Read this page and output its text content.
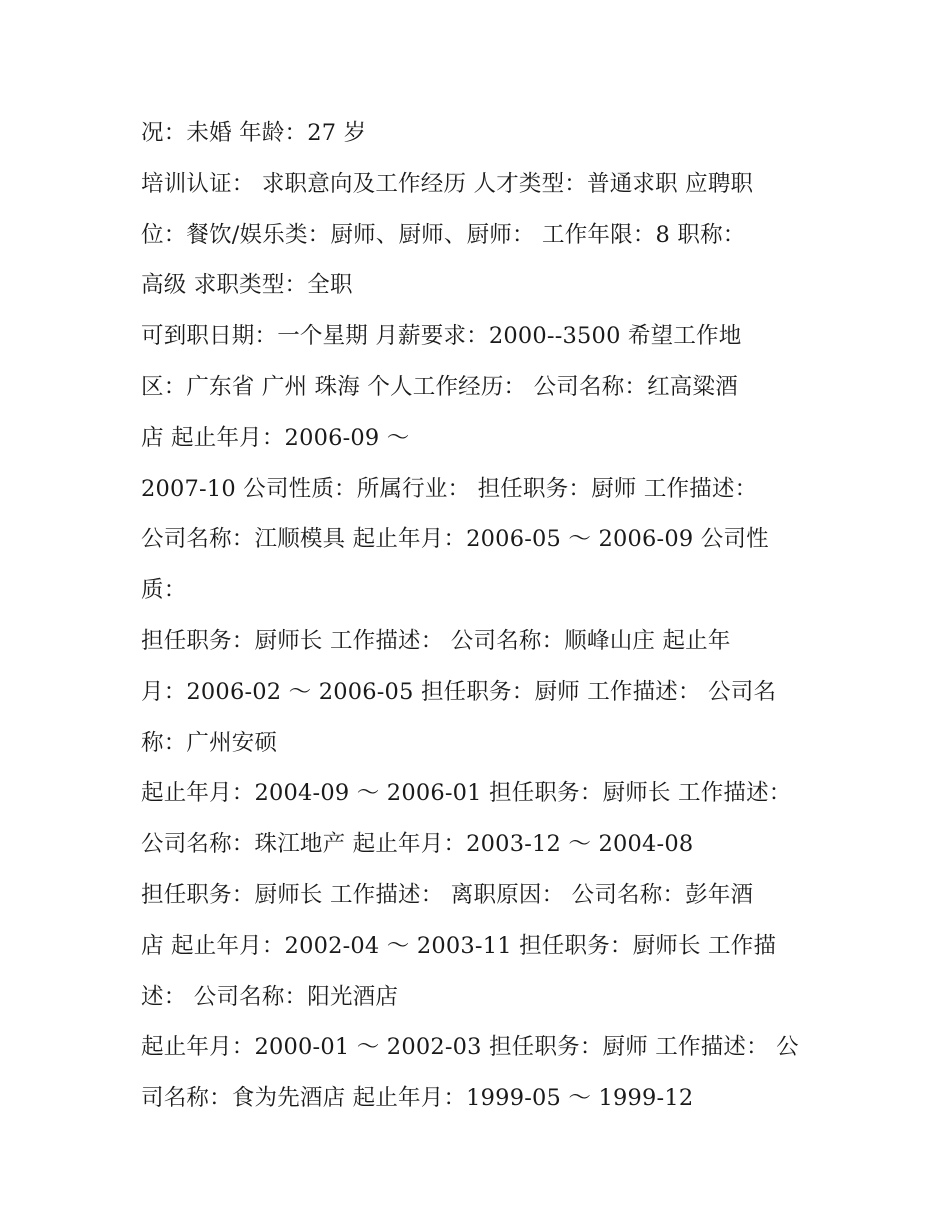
况：未婚 年龄：27 岁
培训认证： 求职意向及工作经历 人才类型：普通求职 应聘职
位：餐饮/娱乐类：厨师、厨师、厨师： 工作年限：8 职称：
高级 求职类型：全职
可到职日期：一个星期 月薪要求：2000--3500 希望工作地
区：广东省 广州 珠海 个人工作经历： 公司名称：红高粱酒
店 起止年月：2006-09 ～
2007-10 公司性质：所属行业： 担任职务：厨师 工作描述：
公司名称：江顺模具 起止年月：2006-05 ～ 2006-09 公司性
质：
担任职务：厨师长 工作描述： 公司名称：顺峰山庄 起止年
月：2006-02 ～ 2006-05 担任职务：厨师 工作描述： 公司名
称：广州安硕
起止年月：2004-09 ～ 2006-01 担任职务：厨师长 工作描述：
公司名称：珠江地产 起止年月：2003-12 ～ 2004-08
担任职务：厨师长 工作描述： 离职原因： 公司名称：彭年酒
店 起止年月：2002-04 ～ 2003-11 担任职务：厨师长 工作描
述： 公司名称：阳光酒店
起止年月：2000-01 ～ 2002-03 担任职务：厨师 工作描述： 公
司名称：食为先酒店 起止年月：1999-05 ～ 1999-12
